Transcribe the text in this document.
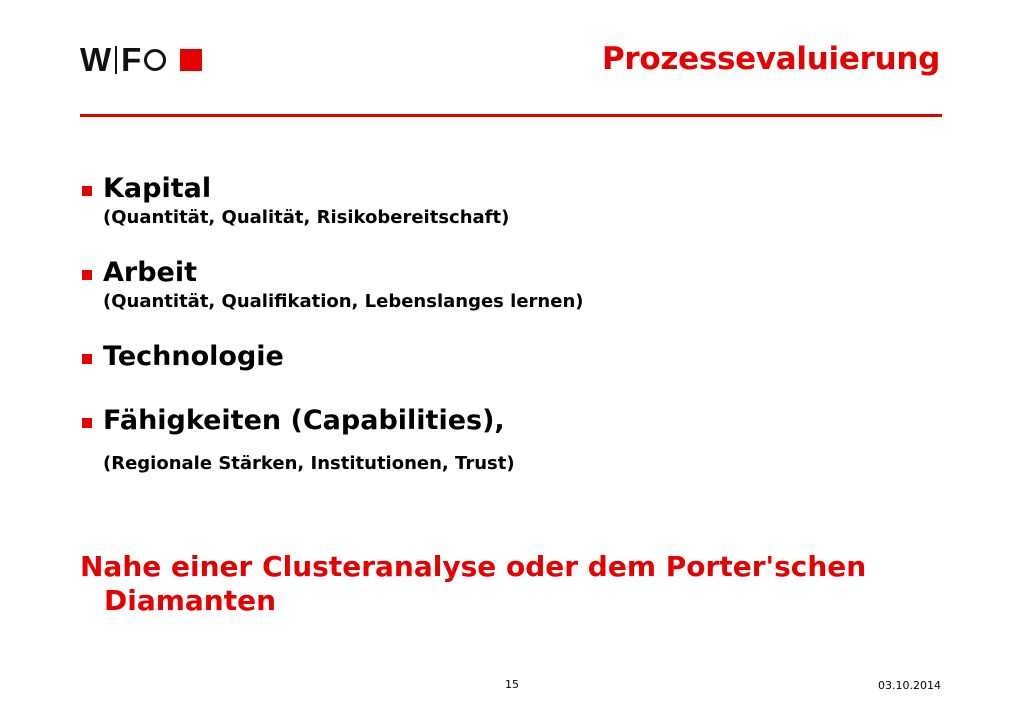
W F	Prozessevaluierung
Kapital
(Quantität, Qualität, Risikobereitschaft)
Arbeit
(Quantität, Qualifikation, Lebenslanges lernen)
Technologie
Fähigkeiten (Capabilities),
(Regionale Stärken, Institutionen, Trust)
Nahe einer Clusteranalyse oder dem Porter'schen
Diamanten
15	03.10.2014
